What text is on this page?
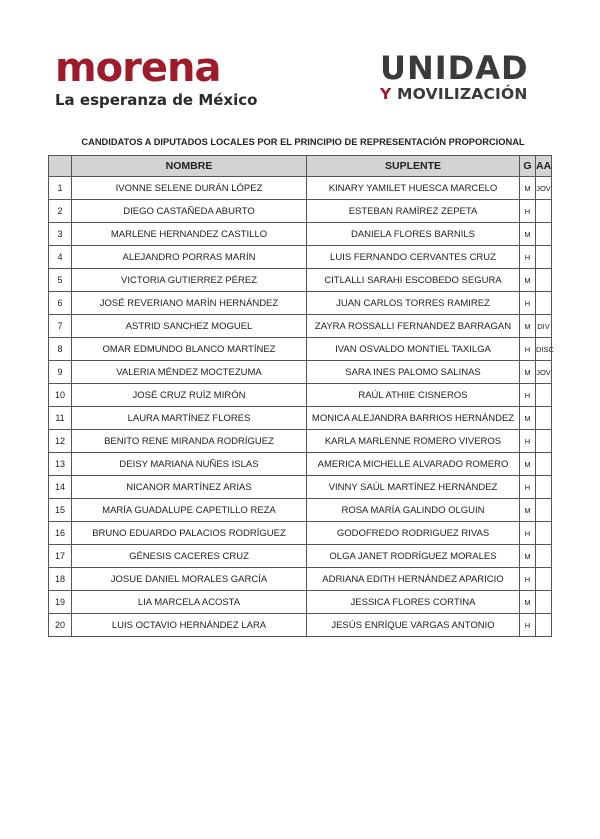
morena
La esperanza de México
UNIDAD
Y MOVILIZACIÓN
CANDIDATOS A DIPUTADOS LOCALES POR EL PRINCIPIO DE REPRESENTACIÓN PROPORCIONAL
	NOMBRE	SUPLENTE	G	AA
1	IVONNE SELENE DURÁN LÓPEZ	KINARY YAMILET HUESCA MARCELO	M	JOV
2	DIEGO CASTAÑEDA ABURTO	ESTEBAN RAMÍREZ ZEPETA	H	
3	MARLENE HERNANDEZ CASTILLO	DANIELA FLORES BARNILS	M	
4	ALEJANDRO PORRAS MARÍN	LUIS FERNANDO CERVANTES CRUZ	H	
5	VICTORIA GUTIERREZ PÉREZ	CITLALLI SARAHI ESCOBEDO SEGURA	M	
6	JOSÉ REVERIANO MARÍN HERNÁNDEZ	JUAN CARLOS TORRES RAMIREZ	H	
7	ASTRID SANCHEZ MOGUEL	ZAYRA ROSSALLI FERNANDEZ BARRAGAN	M	DIV
8	OMAR EDMUNDO BLANCO MARTÍNEZ	IVAN OSVALDO MONTIEL TAXILGA	H	DISC
9	VALERIA MÉNDEZ MOCTEZUMA	SARA INES PALOMO SALINAS	M	JOV
10	JOSÉ CRUZ RUÍZ MIRÓN	RAÚL ATHIIE CISNEROS	H	
11	LAURA MARTÍNEZ FLORES	MONICA ALEJANDRA BARRIOS HERNÁNDEZ	M	
12	BENITO RENE MIRANDA RODRÍGUEZ	KARLA MARLENNE ROMERO VIVEROS	H	
13	DEISY MARIANA NUÑES ISLAS	AMERICA MICHELLE ALVARADO ROMERO	M	
14	NICANOR MARTÍNEZ ARIAS	VINNY SAÚL MARTÍNEZ HERNÁNDEZ	H	
15	MARÍA GUADALUPE CAPETILLO REZA	ROSA MARÍA GALINDO OLGUIN	M	
16	BRUNO EDUARDO PALACIOS RODRÍGUEZ	GODOFREDO RODRIGUEZ RIVAS	H	
17	GÉNESIS CACERES CRUZ	OLGA JANET RODRÍGUEZ MORALES	M	
18	JOSUE DANIEL MORALES GARCÍA	ADRIANA EDITH HERNÁNDEZ APARICIO	H	
19	LIA MARCELA ACOSTA	JESSICA FLORES CORTINA	M	
20	LUIS OCTAVIO HERNÁNDEZ LARA	JESÚS ENRÍQUE VARGAS ANTONIO	H	
